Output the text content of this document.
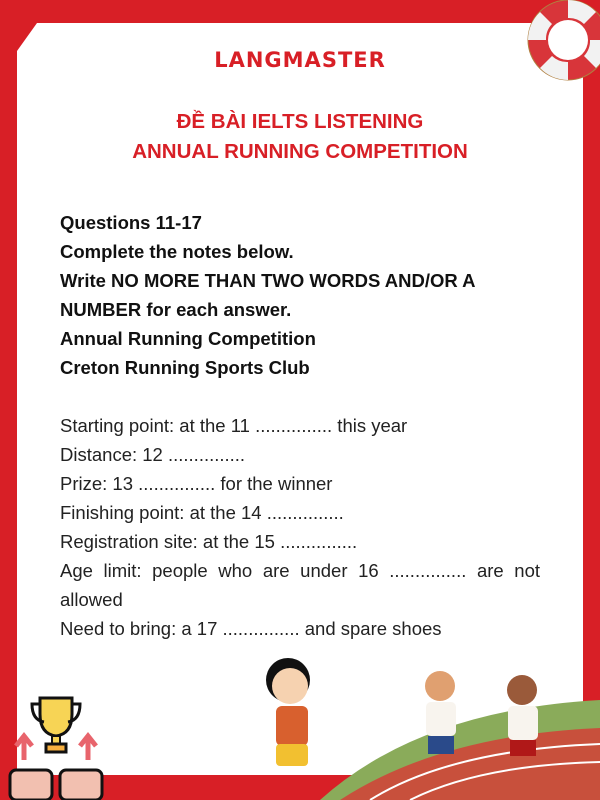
LANGMASTER
ĐỀ BÀI IELTS LISTENING
ANNUAL RUNNING COMPETITION

Questions 11-17

Complete the notes below.

Write NO MORE THAN TWO WORDS AND/OR A NUMBER for each answer.

Annual Running Competition

Creton Running Sports Club

Starting point: at the 11 ............... this year
Distance: 12 ...............
Prize: 13 ............... for the winner
Finishing point: at the 14 ...............
Registration site: at the 15 ...............
Age limit: people who are under 16 ............... are not allowed
Need to bring: a 17 ............... and spare shoes
